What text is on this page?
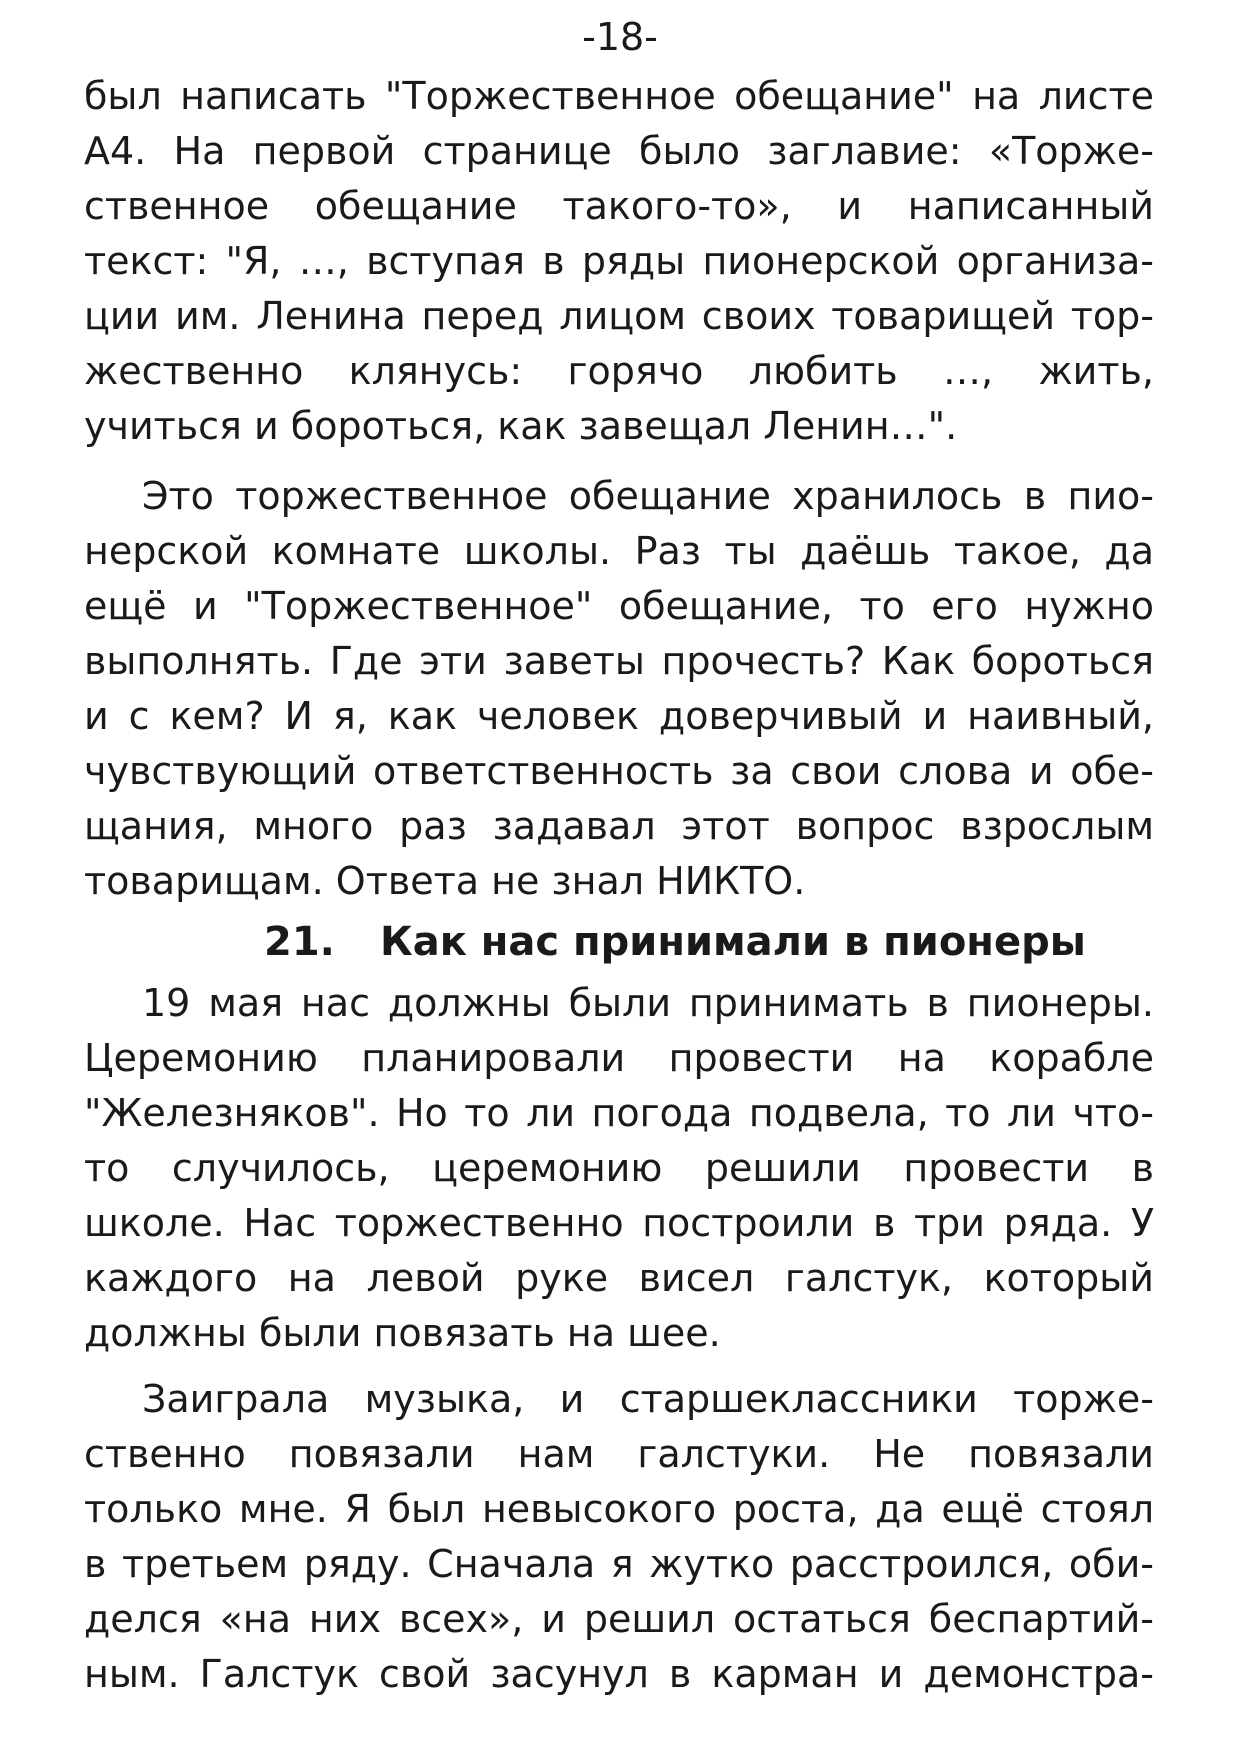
-18-
был написать "Торжественное обещание" на листе
А4. На первой странице было заглавие: «Торже-
ственное обещание такого-то», и написанный
текст: "Я, …, вступая в ряды пионерской организа-
ции им. Ленина перед лицом своих товарищей тор-
жественно клянусь: горячо любить …, жить,
учиться и бороться, как завещал Ленин…".
Это торжественное обещание хранилось в пио-
нерской комнате школы. Раз ты даёшь такое, да
ещё и "Торжественное" обещание, то его нужно
выполнять. Где эти заветы прочесть? Как бороться
и с кем? И я, как человек доверчивый и наивный,
чувствующий ответственность за свои слова и обе-
щания, много раз задавал этот вопрос взрослым
товарищам. Ответа не знал НИКТО.
21. Как нас принимали в пионеры
19 мая нас должны были принимать в пионеры.
Церемонию планировали провести на корабле
"Железняков". Но то ли погода подвела, то ли что-
то случилось, церемонию решили провести в
школе. Нас торжественно построили в три ряда. У
каждого на левой руке висел галстук, который
должны были повязать на шее.
Заиграла музыка, и старшеклассники торже-
ственно повязали нам галстуки. Не повязали
только мне. Я был невысокого роста, да ещё стоял
в третьем ряду. Сначала я жутко расстроился, оби-
делся «на них всех», и решил остаться беспартий-
ным. Галстук свой засунул в карман и демонстра-
